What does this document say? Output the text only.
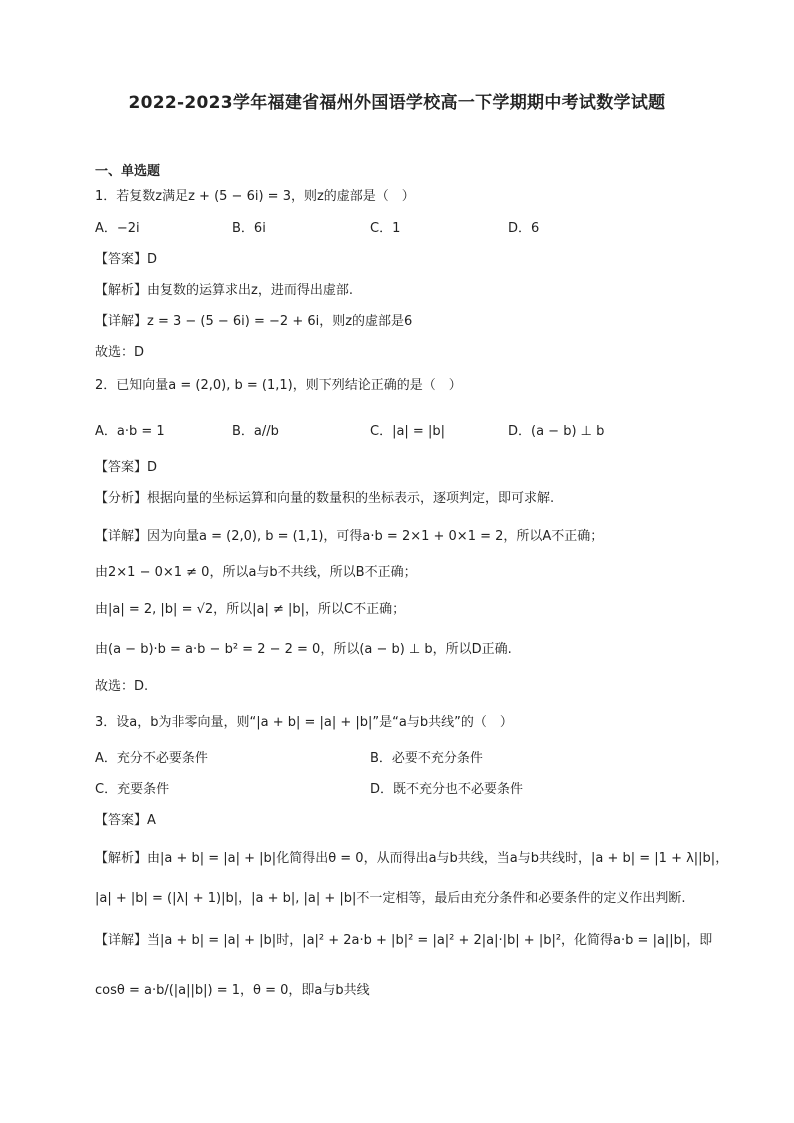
2022-2023学年福建省福州外国语学校高一下学期期中考试数学试题
一、单选题
1．若复数z满足z + (5 − 6i) = 3，则z的虚部是（　）
A．−2i	B．6i	C．1	D．6
【答案】D
【解析】由复数的运算求出z，进而得出虚部.
【详解】z = 3 − (5 − 6i) = −2 + 6i，则z的虚部是6
故选：D
2．已知向量a = (2,0), b = (1,1)，则下列结论正确的是（　）
A．a·b = 1	B．a//b	C．|a| = |b|	D．(a − b) ⊥ b
【答案】D
【分析】根据向量的坐标运算和向量的数量积的坐标表示，逐项判定，即可求解.
【详解】因为向量a = (2,0), b = (1,1)，可得a·b = 2×1 + 0×1 = 2，所以A不正确；
由2×1 − 0×1 ≠ 0，所以a与b不共线，所以B不正确；
由|a| = 2, |b| = √2，所以|a| ≠ |b|，所以C不正确；
由(a − b)·b = a·b − b² = 2 − 2 = 0，所以(a − b) ⊥ b，所以D正确.
故选：D.
3．设a，b为非零向量，则“|a + b| = |a| + |b|”是“a与b共线”的（　）
A．充分不必要条件	B．必要不充分条件
C．充要条件	D．既不充分也不必要条件
【答案】A
【解析】由|a + b| = |a| + |b|化简得出θ = 0，从而得出a与b共线，当a与b共线时，|a + b| = |1 + λ||b|，
|a| + |b| = (|λ| + 1)|b|，|a + b|, |a| + |b|不一定相等，最后由充分条件和必要条件的定义作出判断.
【详解】当|a + b| = |a| + |b|时，|a|² + 2a·b + |b|² = |a|² + 2|a|·|b| + |b|²，化简得a·b = |a||b|，即
cosθ = a·b/(|a||b|) = 1，θ = 0，即a与b共线
